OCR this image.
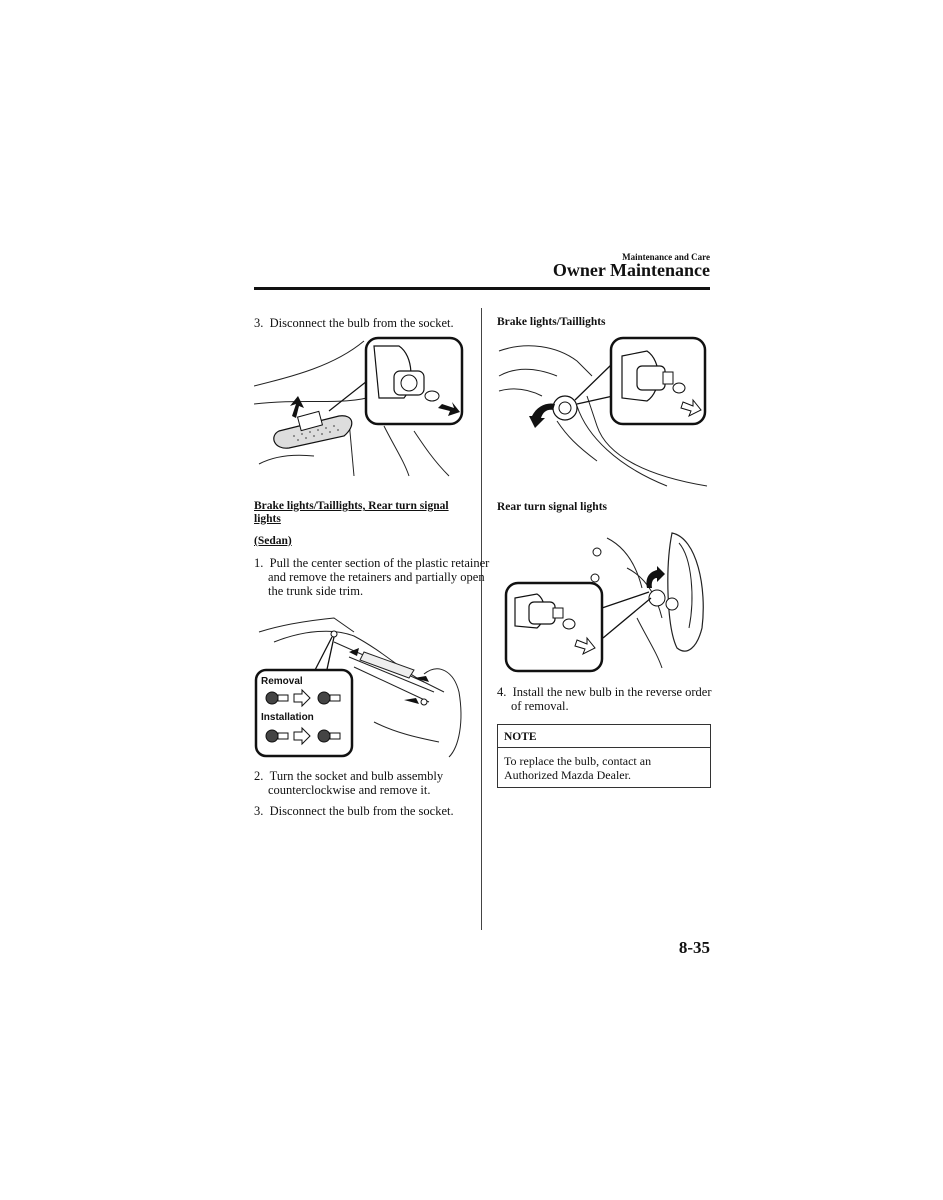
Maintenance and Care
Owner Maintenance
3. Disconnect the bulb from the socket.
Brake lights/Taillights, Rear turn signal lights
(Sedan)
1. Pull the center section of the plastic retainer and remove the retainers and partially open the trunk side trim.
Removal
Installation
2. Turn the socket and bulb assembly counterclockwise and remove it.
3. Disconnect the bulb from the socket.
Brake lights/Taillights
Rear turn signal lights
4. Install the new bulb in the reverse order of removal.
NOTE
To replace the bulb, contact an Authorized Mazda Dealer.
8-35
